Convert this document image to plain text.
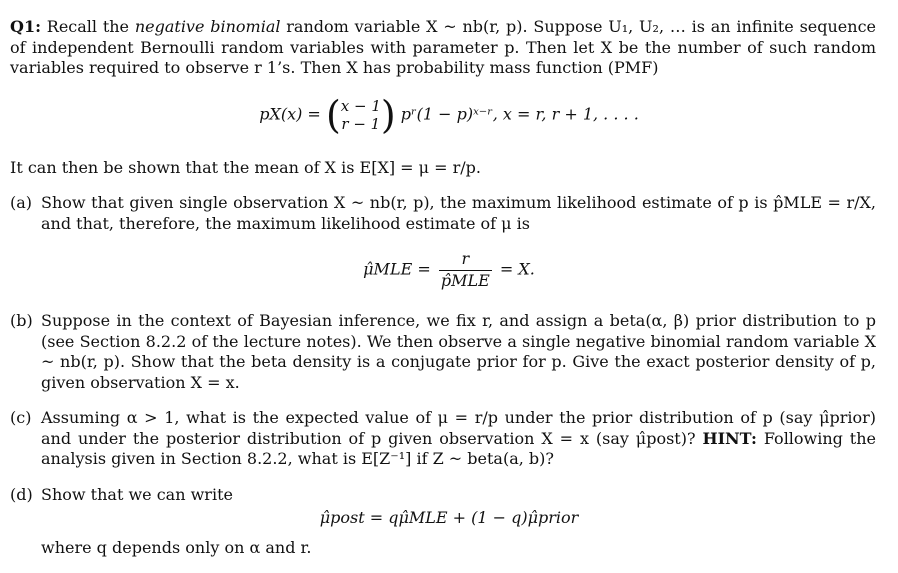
Q1: Recall the negative binomial random variable X ~ nb(r, p). Suppose U₁, U₂, … is an infinite sequence of independent Bernoulli random variables with parameter p. Then let X be the number of such random variables required to observe r 1’s. Then X has probability mass function (PMF)

pX(x) = ( x − 1
r − 1 ) pʳ(1 − p)ˣ⁻ʳ, x = r, r + 1, . . . .

It can then be shown that the mean of X is E[X] = μ = r/p.

(a) Show that given single observation X ~ nb(r, p), the maximum likelihood estimate of p is p̂MLE = r/X, and that, therefore, the maximum likelihood estimate of μ is
μ̂MLE = $\frac{r}{\text{p̂MLE}} = X$.
(b) Suppose in the context of Bayesian inference, we fix r, and assign a beta(α, β) prior distribution to p (see Section 8.2.2 of the lecture notes). We then observe a single negative binomial random variable X ~ nb(r, p). Show that the beta density is a conjugate prior for p. Give the exact posterior density of p, given observation X = x.
(c) Assuming α > 1, what is the expected value of μ = r/p under the prior distribution of p (say μ̂prior) and under the posterior distribution of p given observation X = x (say μ̂post)? HINT: Following the analysis given in Section 8.2.2, what is E[Z⁻¹] if Z ~ beta(a, b)?
(d) Show that we can write
μ̂post = qμ̂MLE + (1 − q)μ̂prior

where q depends only on α and r.
